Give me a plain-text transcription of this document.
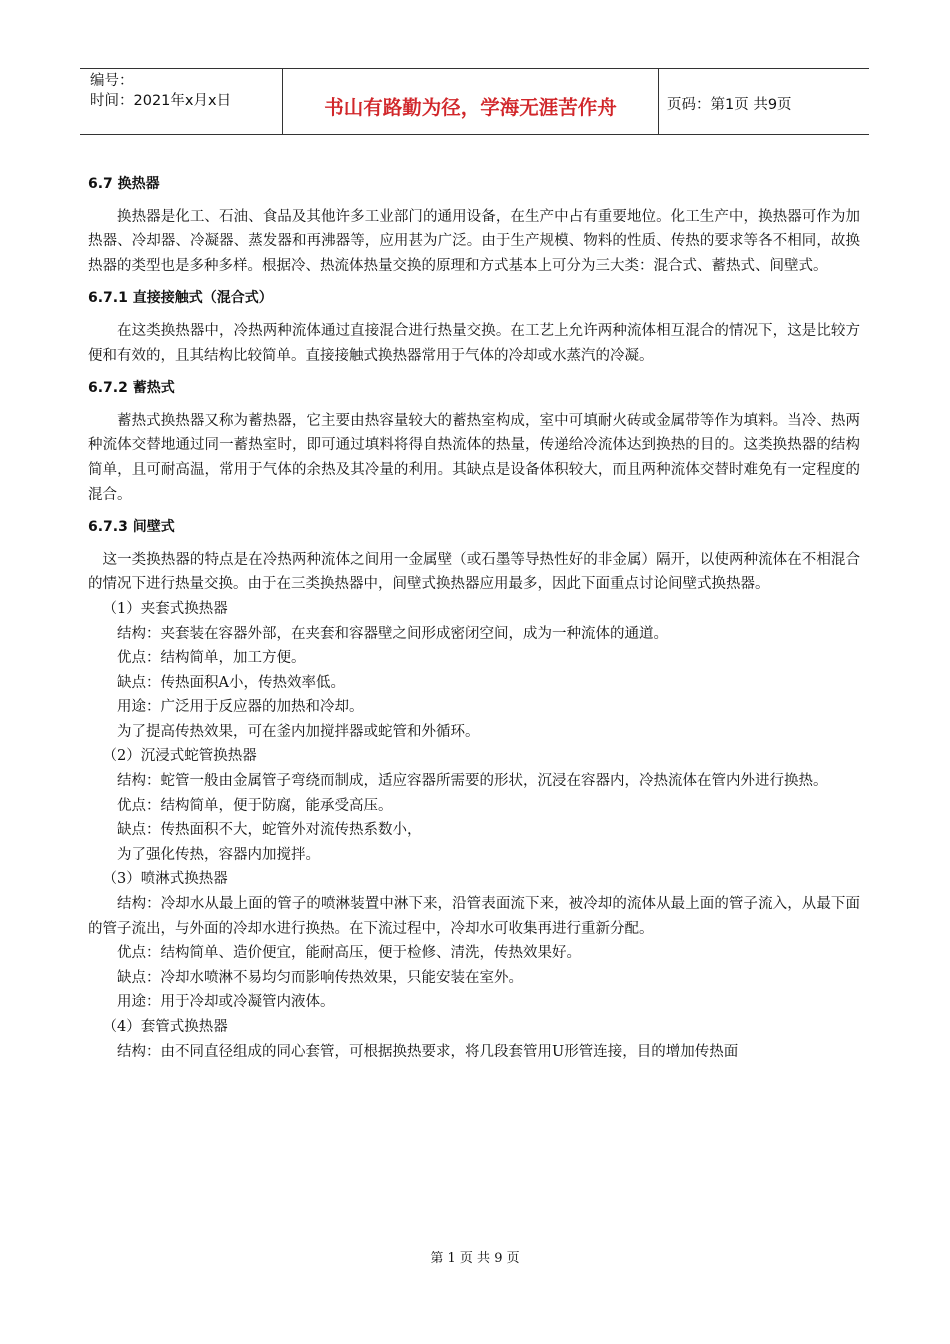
编号：
时间：2021年x月x日	书山有路勤为径，学海无涯苦作舟	页码：第1页 共9页

6.7 换热器

换热器是化工、石油、食品及其他许多工业部门的通用设备，在生产中占有重要地位。化工生产中，换热器可作为加热器、冷却器、冷凝器、蒸发器和再沸器等，应用甚为广泛。由于生产规模、物料的性质、传热的要求等各不相同，故换热器的类型也是多种多样。根据冷、热流体热量交换的原理和方式基本上可分为三大类：混合式、蓄热式、间壁式。

6.7.1 直接接触式（混合式）

在这类换热器中，冷热两种流体通过直接混合进行热量交换。在工艺上允许两种流体相互混合的情况下，这是比较方便和有效的，且其结构比较简单。直接接触式换热器常用于气体的冷却或水蒸汽的冷凝。

6.7.2 蓄热式

蓄热式换热器又称为蓄热器，它主要由热容量较大的蓄热室构成，室中可填耐火砖或金属带等作为填料。当冷、热两种流体交替地通过同一蓄热室时，即可通过填料将得自热流体的热量，传递给冷流体达到换热的目的。这类换热器的结构简单，且可耐高温，常用于气体的余热及其冷量的利用。其缺点是设备体积较大，而且两种流体交替时难免有一定程度的混合。

6.7.3 间壁式

这一类换热器的特点是在冷热两种流体之间用一金属壁（或石墨等导热性好的非金属）隔开，以使两种流体在不相混合的情况下进行热量交换。由于在三类换热器中，间壁式换热器应用最多，因此下面重点讨论间壁式换热器。

（1）夹套式换热器

结构：夹套装在容器外部，在夹套和容器壁之间形成密闭空间，成为一种流体的通道。

优点：结构简单，加工方便。

缺点：传热面积A小，传热效率低。

用途：广泛用于反应器的加热和冷却。

为了提高传热效果，可在釜内加搅拌器或蛇管和外循环。

（2）沉浸式蛇管换热器

结构：蛇管一般由金属管子弯绕而制成，适应容器所需要的形状，沉浸在容器内，冷热流体在管内外进行换热。

优点：结构简单，便于防腐，能承受高压。

缺点：传热面积不大，蛇管外对流传热系数小，

为了强化传热，容器内加搅拌。

（3）喷淋式换热器

结构：冷却水从最上面的管子的喷淋装置中淋下来，沿管表面流下来，被冷却的流体从最上面的管子流入，从最下面的管子流出，与外面的冷却水进行换热。在下流过程中，冷却水可收集再进行重新分配。

优点：结构简单、造价便宜，能耐高压，便于检修、清洗，传热效果好。

缺点：冷却水喷淋不易均匀而影响传热效果，只能安装在室外。

用途：用于冷却或冷凝管内液体。

（4）套管式换热器

结构：由不同直径组成的同心套管，可根据换热要求，将几段套管用U形管连接，目的增加传热面

第 1 页 共 9 页
